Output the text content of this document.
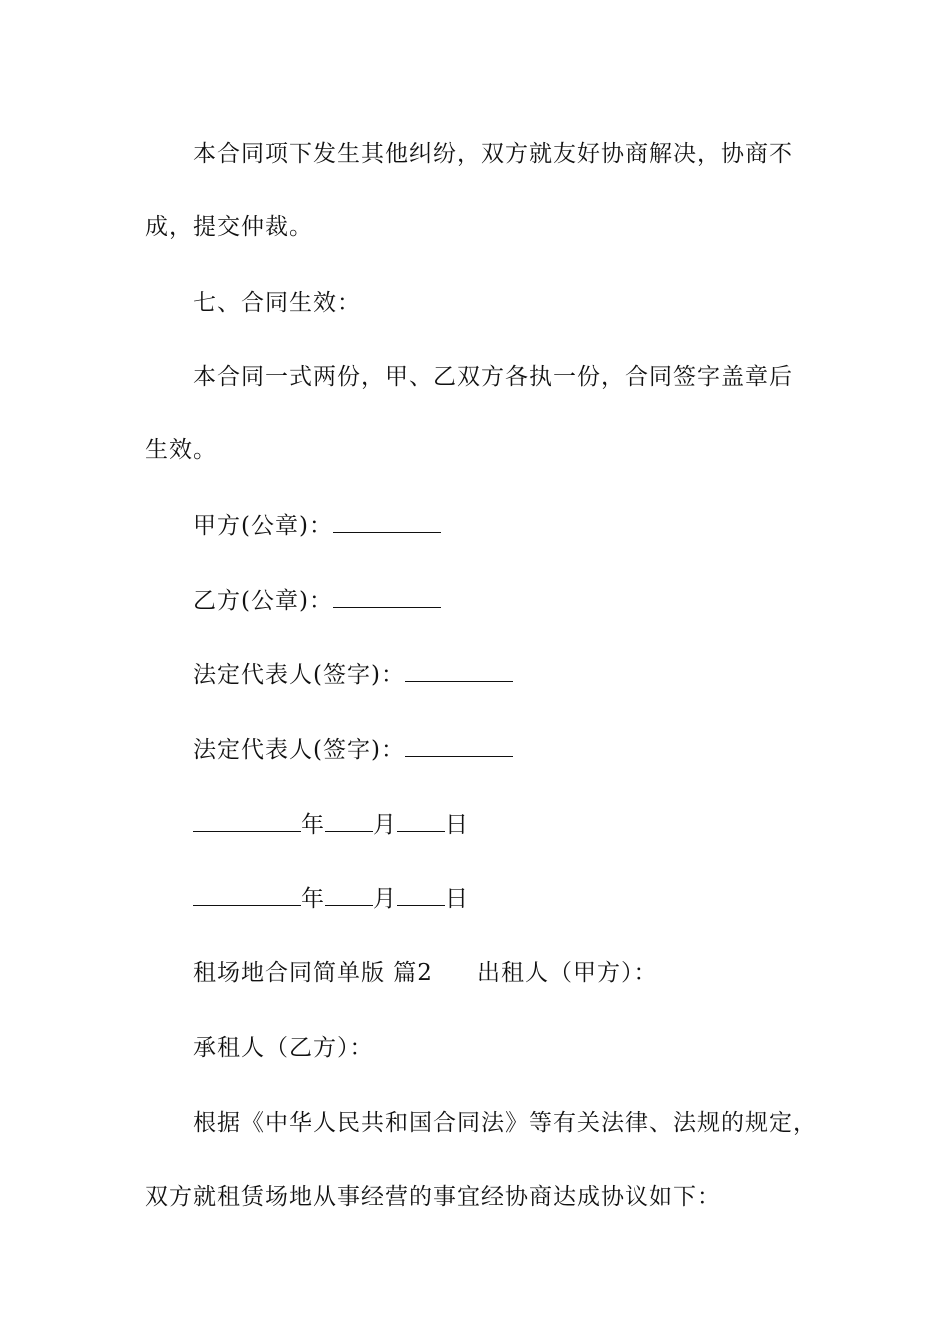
本合同项下发生其他纠纷，双方就友好协商解决，协商不
成，提交仲裁。
七、合同生效：
本合同一式两份，甲、乙双方各执一份，合同签字盖章后
生效。
甲方(公章)：
乙方(公章)：
法定代表人(签字)：
法定代表人(签字)：
年 月 日
年 月 日
租场地合同简单版 篇2 出租人（甲方）：
承租人（乙方）：
根据《中华人民共和国合同法》等有关法律、法规的规定，
双方就租赁场地从事经营的事宜经协商达成协议如下：
